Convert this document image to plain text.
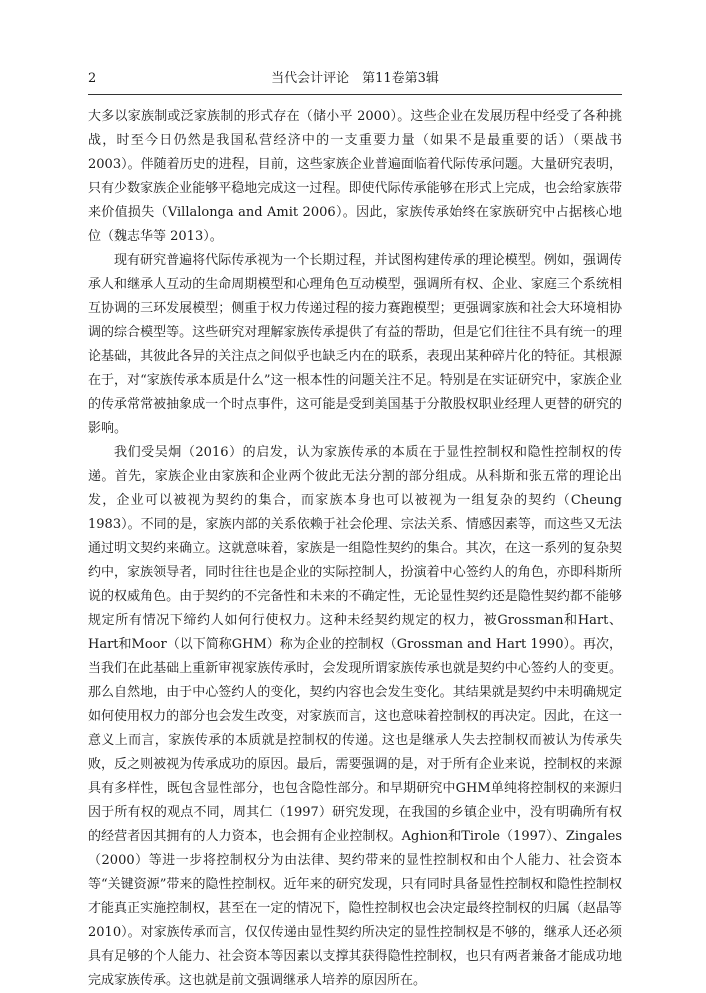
2	当代会计评论　第11卷第3辑

大多以家族制或泛家族制的形式存在（储小平 2000）。这些企业在发展历程中经受了各种挑战，时至今日仍然是我国私营经济中的一支重要力量（如果不是最重要的话）（栗战书 2003）。伴随着历史的进程，目前，这些家族企业普遍面临着代际传承问题。大量研究表明，只有少数家族企业能够平稳地完成这一过程。即使代际传承能够在形式上完成，也会给家族带来价值损失（Villalonga and Amit 2006）。因此，家族传承始终在家族研究中占据核心地位（魏志华等 2013）。

现有研究普遍将代际传承视为一个长期过程，并试图构建传承的理论模型。例如，强调传承人和继承人互动的生命周期模型和心理角色互动模型，强调所有权、企业、家庭三个系统相互协调的三环发展模型；侧重于权力传递过程的接力赛跑模型；更强调家族和社会大环境相协调的综合模型等。这些研究对理解家族传承提供了有益的帮助，但是它们往往不具有统一的理论基础，其彼此各异的关注点之间似乎也缺乏内在的联系，表现出某种碎片化的特征。其根源在于，对“家族传承本质是什么”这一根本性的问题关注不足。特别是在实证研究中，家族企业的传承常常被抽象成一个时点事件，这可能是受到美国基于分散股权职业经理人更替的研究的影响。

我们受吴炯（2016）的启发，认为家族传承的本质在于显性控制权和隐性控制权的传递。首先，家族企业由家族和企业两个彼此无法分割的部分组成。从科斯和张五常的理论出发，企业可以被视为契约的集合，而家族本身也可以被视为一组复杂的契约（Cheung 1983）。不同的是，家族内部的关系依赖于社会伦理、宗法关系、情感因素等，而这些又无法通过明文契约来确立。这就意味着，家族是一组隐性契约的集合。其次，在这一系列的复杂契约中，家族领导者，同时往往也是企业的实际控制人，扮演着中心签约人的角色，亦即科斯所说的权威角色。由于契约的不完备性和未来的不确定性，无论显性契约还是隐性契约都不能够规定所有情况下缔约人如何行使权力。这种未经契约规定的权力，被Grossman和Hart、Hart和Moor（以下简称GHM）称为企业的控制权（Grossman and Hart 1990）。再次，当我们在此基础上重新审视家族传承时，会发现所谓家族传承也就是契约中心签约人的变更。那么自然地，由于中心签约人的变化，契约内容也会发生变化。其结果就是契约中未明确规定如何使用权力的部分也会发生改变，对家族而言，这也意味着控制权的再决定。因此，在这一意义上而言，家族传承的本质就是控制权的传递。这也是继承人失去控制权而被认为传承失败，反之则被视为传承成功的原因。最后，需要强调的是，对于所有企业来说，控制权的来源具有多样性，既包含显性部分，也包含隐性部分。和早期研究中GHM单纯将控制权的来源归因于所有权的观点不同，周其仁（1997）研究发现，在我国的乡镇企业中，没有明确所有权的经营者因其拥有的人力资本，也会拥有企业控制权。Aghion和Tirole（1997）、Zingales（2000）等进一步将控制权分为由法律、契约带来的显性控制权和由个人能力、社会资本等“关键资源”带来的隐性控制权。近年来的研究发现，只有同时具备显性控制权和隐性控制权才能真正实施控制权，甚至在一定的情况下，隐性控制权也会决定最终控制权的归属（赵晶等 2010）。对家族传承而言，仅仅传递由显性契约所决定的显性控制权是不够的，继承人还必须具有足够的个人能力、社会资本等因素以支撑其获得隐性控制权，也只有两者兼备才能成功地完成家族传承。这也就是前文强调继承人培养的原因所在。
